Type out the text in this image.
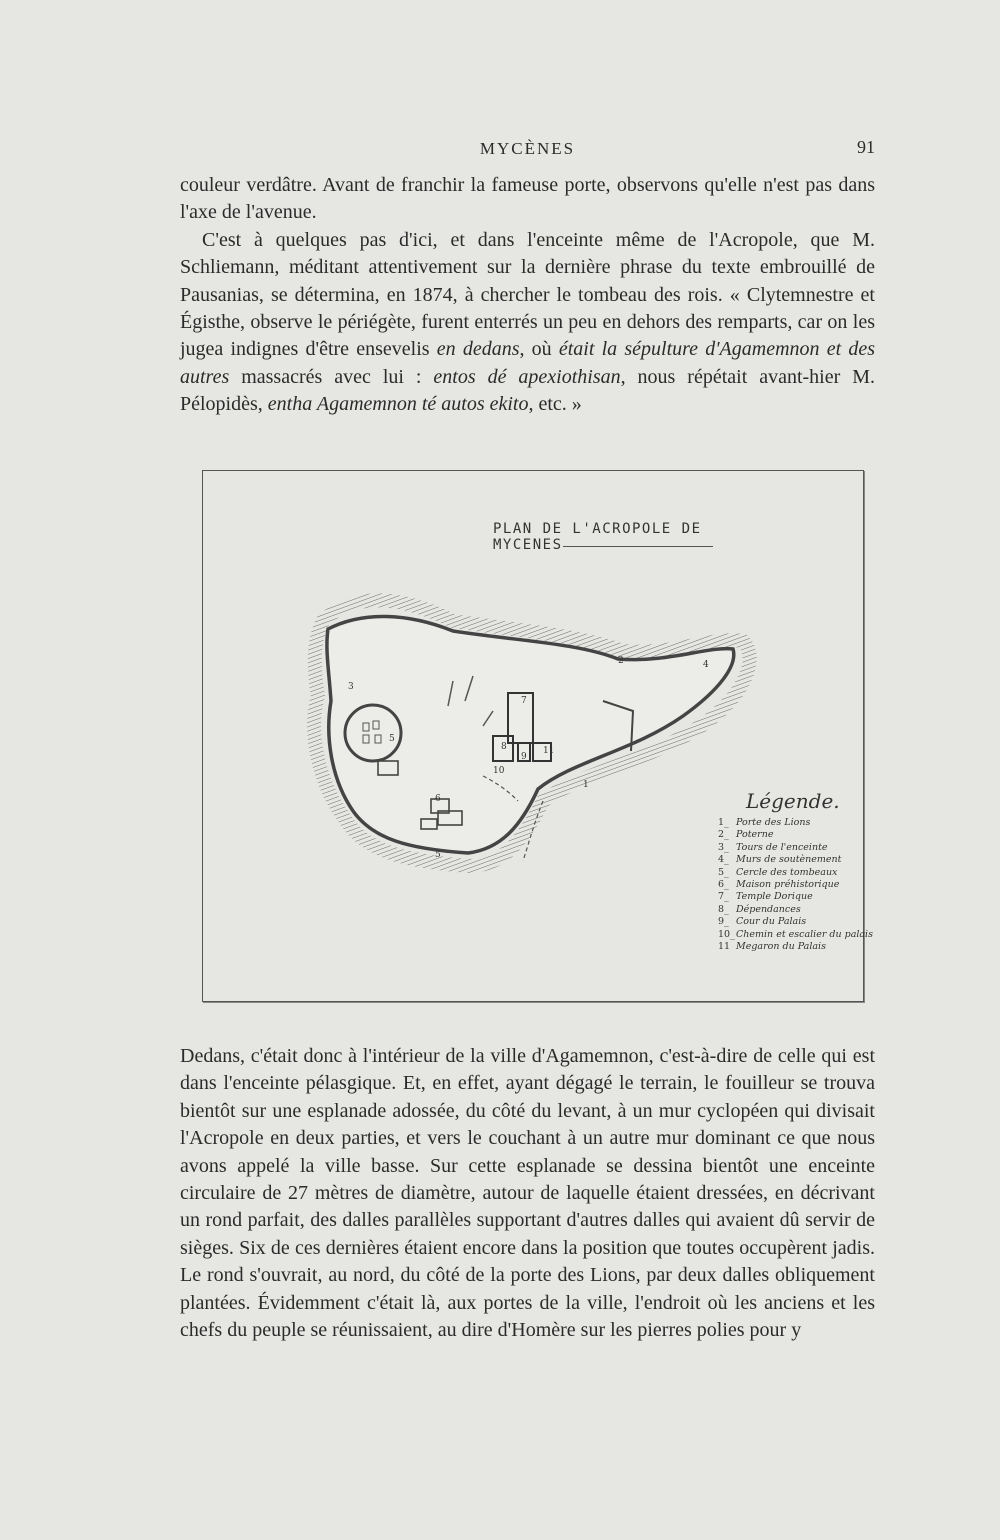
MYCÈNES	91

couleur verdâtre. Avant de franchir la fameuse porte, observons qu'elle n'est pas dans l'axe de l'avenue.

C'est à quelques pas d'ici, et dans l'enceinte même de l'Acropole, que M. Schliemann, méditant attentivement sur la dernière phrase du texte embrouillé de Pausanias, se détermina, en 1874, à chercher le tombeau des rois. « Clytemnestre et Égisthe, observe le périégète, furent enterrés un peu en dehors des remparts, car on les jugea indignes d'être ensevelis en dedans, où était la sépulture d'Agamemnon et des autres massacrés avec lui : entos dé apexiothisan, nous répétait avant-hier M. Pélopidès, entha Agamemnon té autos ekito, etc. »

PLAN DE L'ACROPOLE DE MYCENES
3
5
6
7
8
9
10
11
4
2
5
1
Légende.
1_ Porte des Lions
2_ Poterne
3_ Tours de l'enceinte
4_ Murs de soutènement
5_ Cercle des tombeaux
6_ Maison préhistorique
7_ Temple Dorique
8_ Dépendances
9_ Cour du Palais
10_Chemin et escalier du palais
11 Megaron du Palais

Dedans, c'était donc à l'intérieur de la ville d'Agamemnon, c'est-à-dire de celle qui est dans l'enceinte pélasgique. Et, en effet, ayant dégagé le terrain, le fouilleur se trouva bientôt sur une esplanade adossée, du côté du levant, à un mur cyclopéen qui divisait l'Acropole en deux parties, et vers le couchant à un autre mur dominant ce que nous avons appelé la ville basse. Sur cette esplanade se dessina bientôt une enceinte circulaire de 27 mètres de diamètre, autour de laquelle étaient dressées, en décrivant un rond parfait, des dalles parallèles supportant d'autres dalles qui avaient dû servir de sièges. Six de ces dernières étaient encore dans la position que toutes occupèrent jadis. Le rond s'ouvrait, au nord, du côté de la porte des Lions, par deux dalles obliquement plantées. Évidemment c'était là, aux portes de la ville, l'endroit où les anciens et les chefs du peuple se réunissaient, au dire d'Homère sur les pierres polies pour y
